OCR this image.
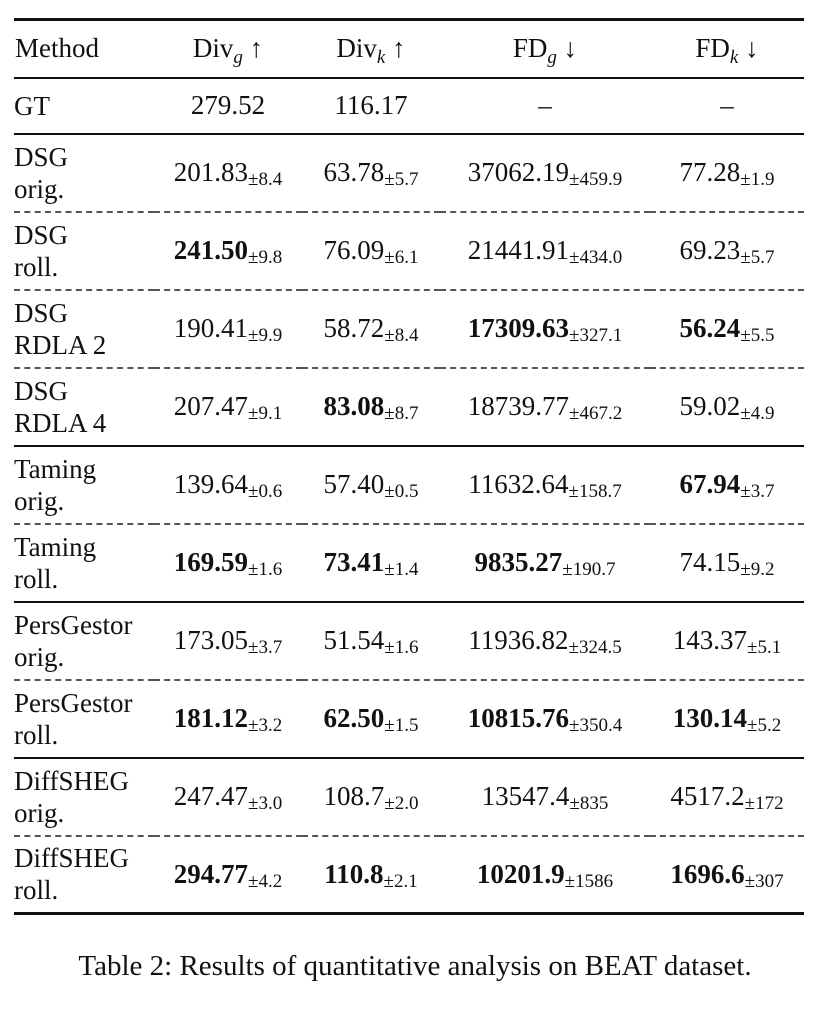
Method	Div$_g$ ↑	Div$_k$ ↑	$FD_g$ ↓	$FD_k$ ↓
GT	279.52	116.17	–	–

DSG
orig.	201.83±8.4	63.78±5.7	37062.19±459.9	77.28±1.9

DSG
roll.	241.50±9.8	76.09±6.1	21441.91±434.0	69.23±5.7

DSG
RDLA 2	190.41±9.9	58.72±8.4	17309.63±327.1	56.24±5.5

DSG
RDLA 4	207.47±9.1	83.08±8.7	18739.77±467.2	59.02±4.9

Taming
orig.	139.64±0.6	57.40±0.5	11632.64±158.7	67.94±3.7

Taming
roll.	169.59±1.6	73.41±1.4	9835.27±190.7	74.15±9.2

PersGestor
orig.	173.05±3.7	51.54±1.6	11936.82±324.5	143.37±5.1

PersGestor
roll.	181.12±3.2	62.50±1.5	10815.76±350.4	130.14±5.2

DiffSHEG
orig.	247.47±3.0	108.7±2.0	13547.4±835	4517.2±172

DiffSHEG
roll.	294.77±4.2	110.8±2.1	10201.9±1586	1696.6±307
Table 2: Results of quantitative analysis on BEAT dataset.
